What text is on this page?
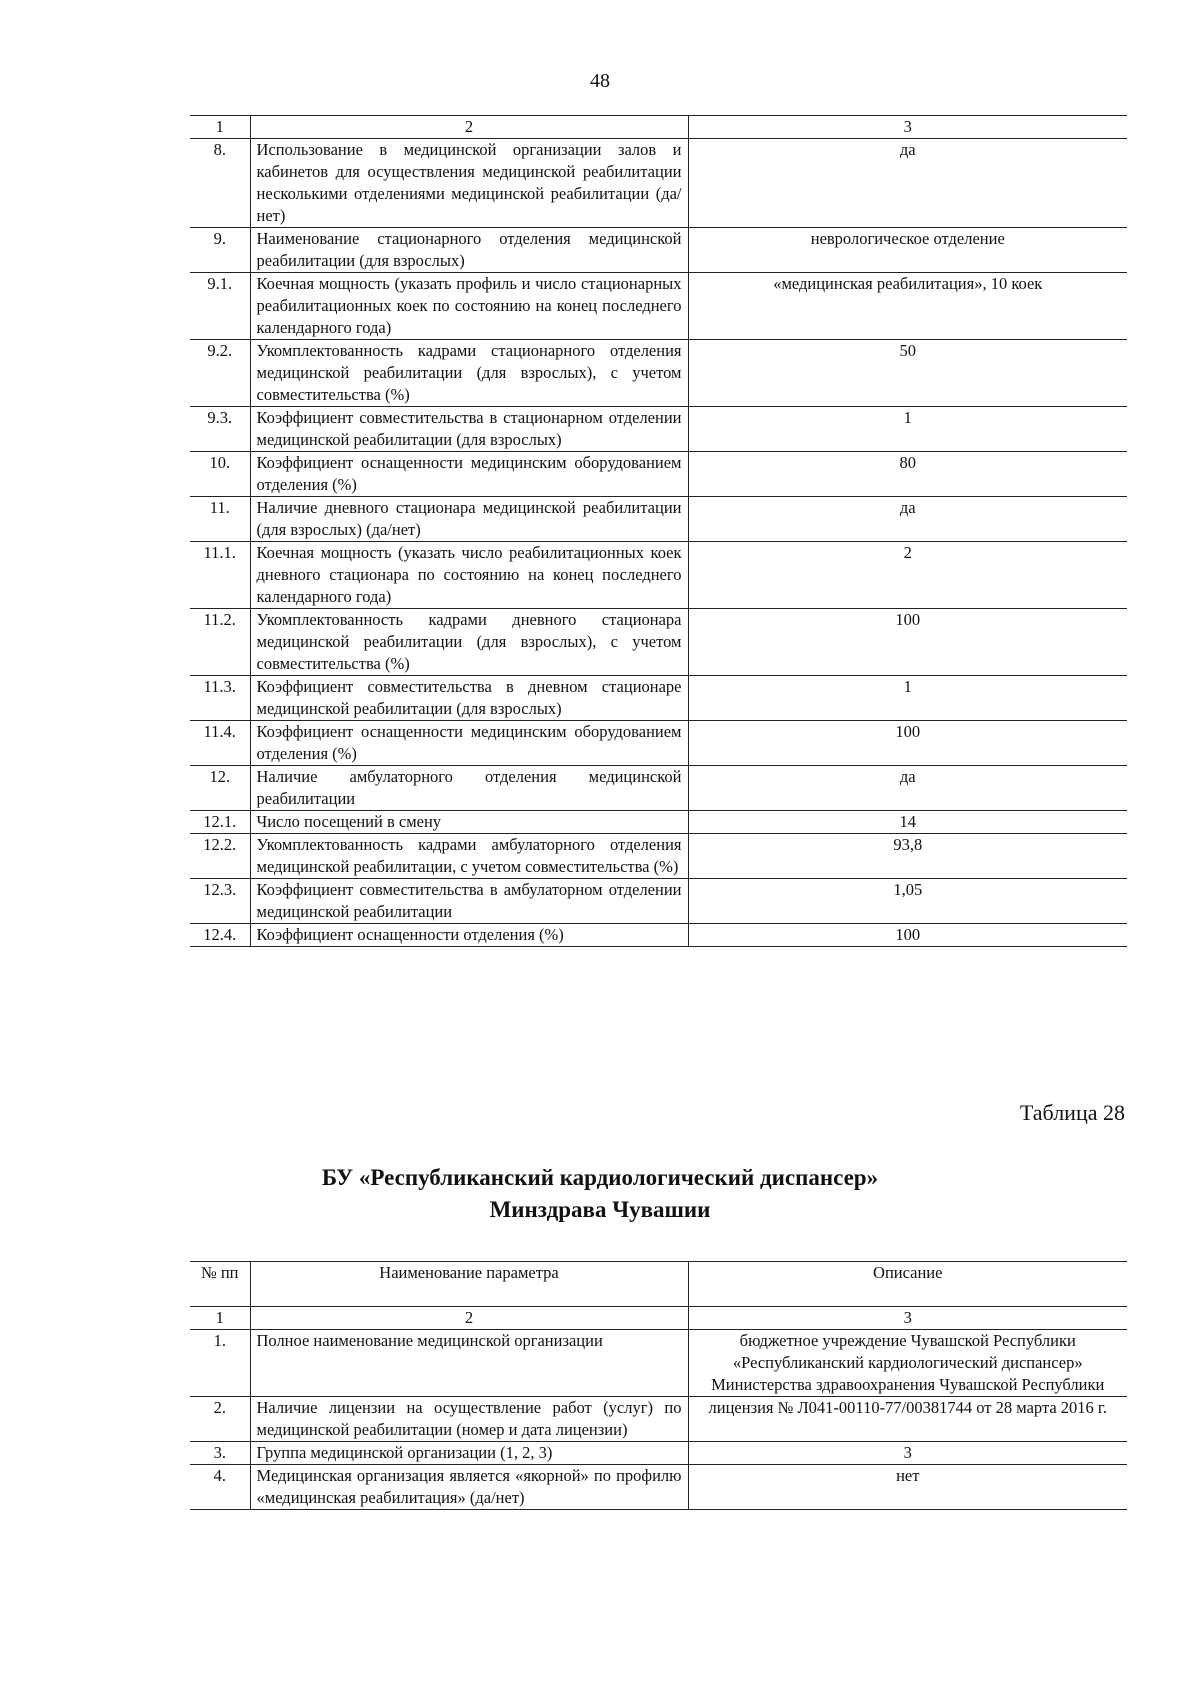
48
1	2	3
8.	Использование в медицинской организации залов и кабинетов для осуществления медицинской реабилитации несколькими отделениями медицинской реабилитации (да/нет)	да
9.	Наименование стационарного отделения медицинской реабилитации (для взрослых)	неврологическое отделение
9.1.	Коечная мощность (указать профиль и число стационарных реабилитационных коек по состоянию на конец последнего календарного года)	«медицинская реабилитация», 10 коек
9.2.	Укомплектованность кадрами стационарного отделения медицинской реабилитации (для взрослых), с учетом совместительства (%)	50
9.3.	Коэффициент совместительства в стационарном отделении медицинской реабилитации (для взрослых)	1
10.	Коэффициент оснащенности медицинским оборудованием отделения (%)	80
11.	Наличие дневного стационара медицинской реабилитации (для взрослых) (да/нет)	да
11.1.	Коечная мощность (указать число реабилитационных коек дневного стационара по состоянию на конец последнего календарного года)	2
11.2.	Укомплектованность кадрами дневного стационара медицинской реабилитации (для взрослых), с учетом совместительства (%)	100
11.3.	Коэффициент совместительства в дневном стационаре медицинской реабилитации (для взрослых)	1
11.4.	Коэффициент оснащенности медицинским оборудованием отделения (%)	100
12.	Наличие амбулаторного отделения медицинской реабилитации	да
12.1.	Число посещений в смену	14
12.2.	Укомплектованность кадрами амбулаторного отделения медицинской реабилитации, с учетом совместительства (%)	93,8
12.3.	Коэффициент совместительства в амбулаторном отделении медицинской реабилитации	1,05
12.4.	Коэффициент оснащенности отделения (%)	100
Таблица 28
БУ «Республиканский кардиологический диспансер»
Минздрава Чувашии
№ пп	Наименование параметра	Описание
1	2	3
1.	Полное наименование медицинской организации	бюджетное учреждение Чувашской Республики «Республиканский кардиологический диспансер» Министерства здравоохранения Чувашской Республики
2.	Наличие лицензии на осуществление работ (услуг) по медицинской реабилитации (номер и дата лицензии)	лицензия № Л041-00110-77/00381744 от 28 марта 2016 г.
3.	Группа медицинской организации (1, 2, 3)	3
4.	Медицинская организация является «якорной» по профилю «медицинская реабилитация» (да/нет)	нет
